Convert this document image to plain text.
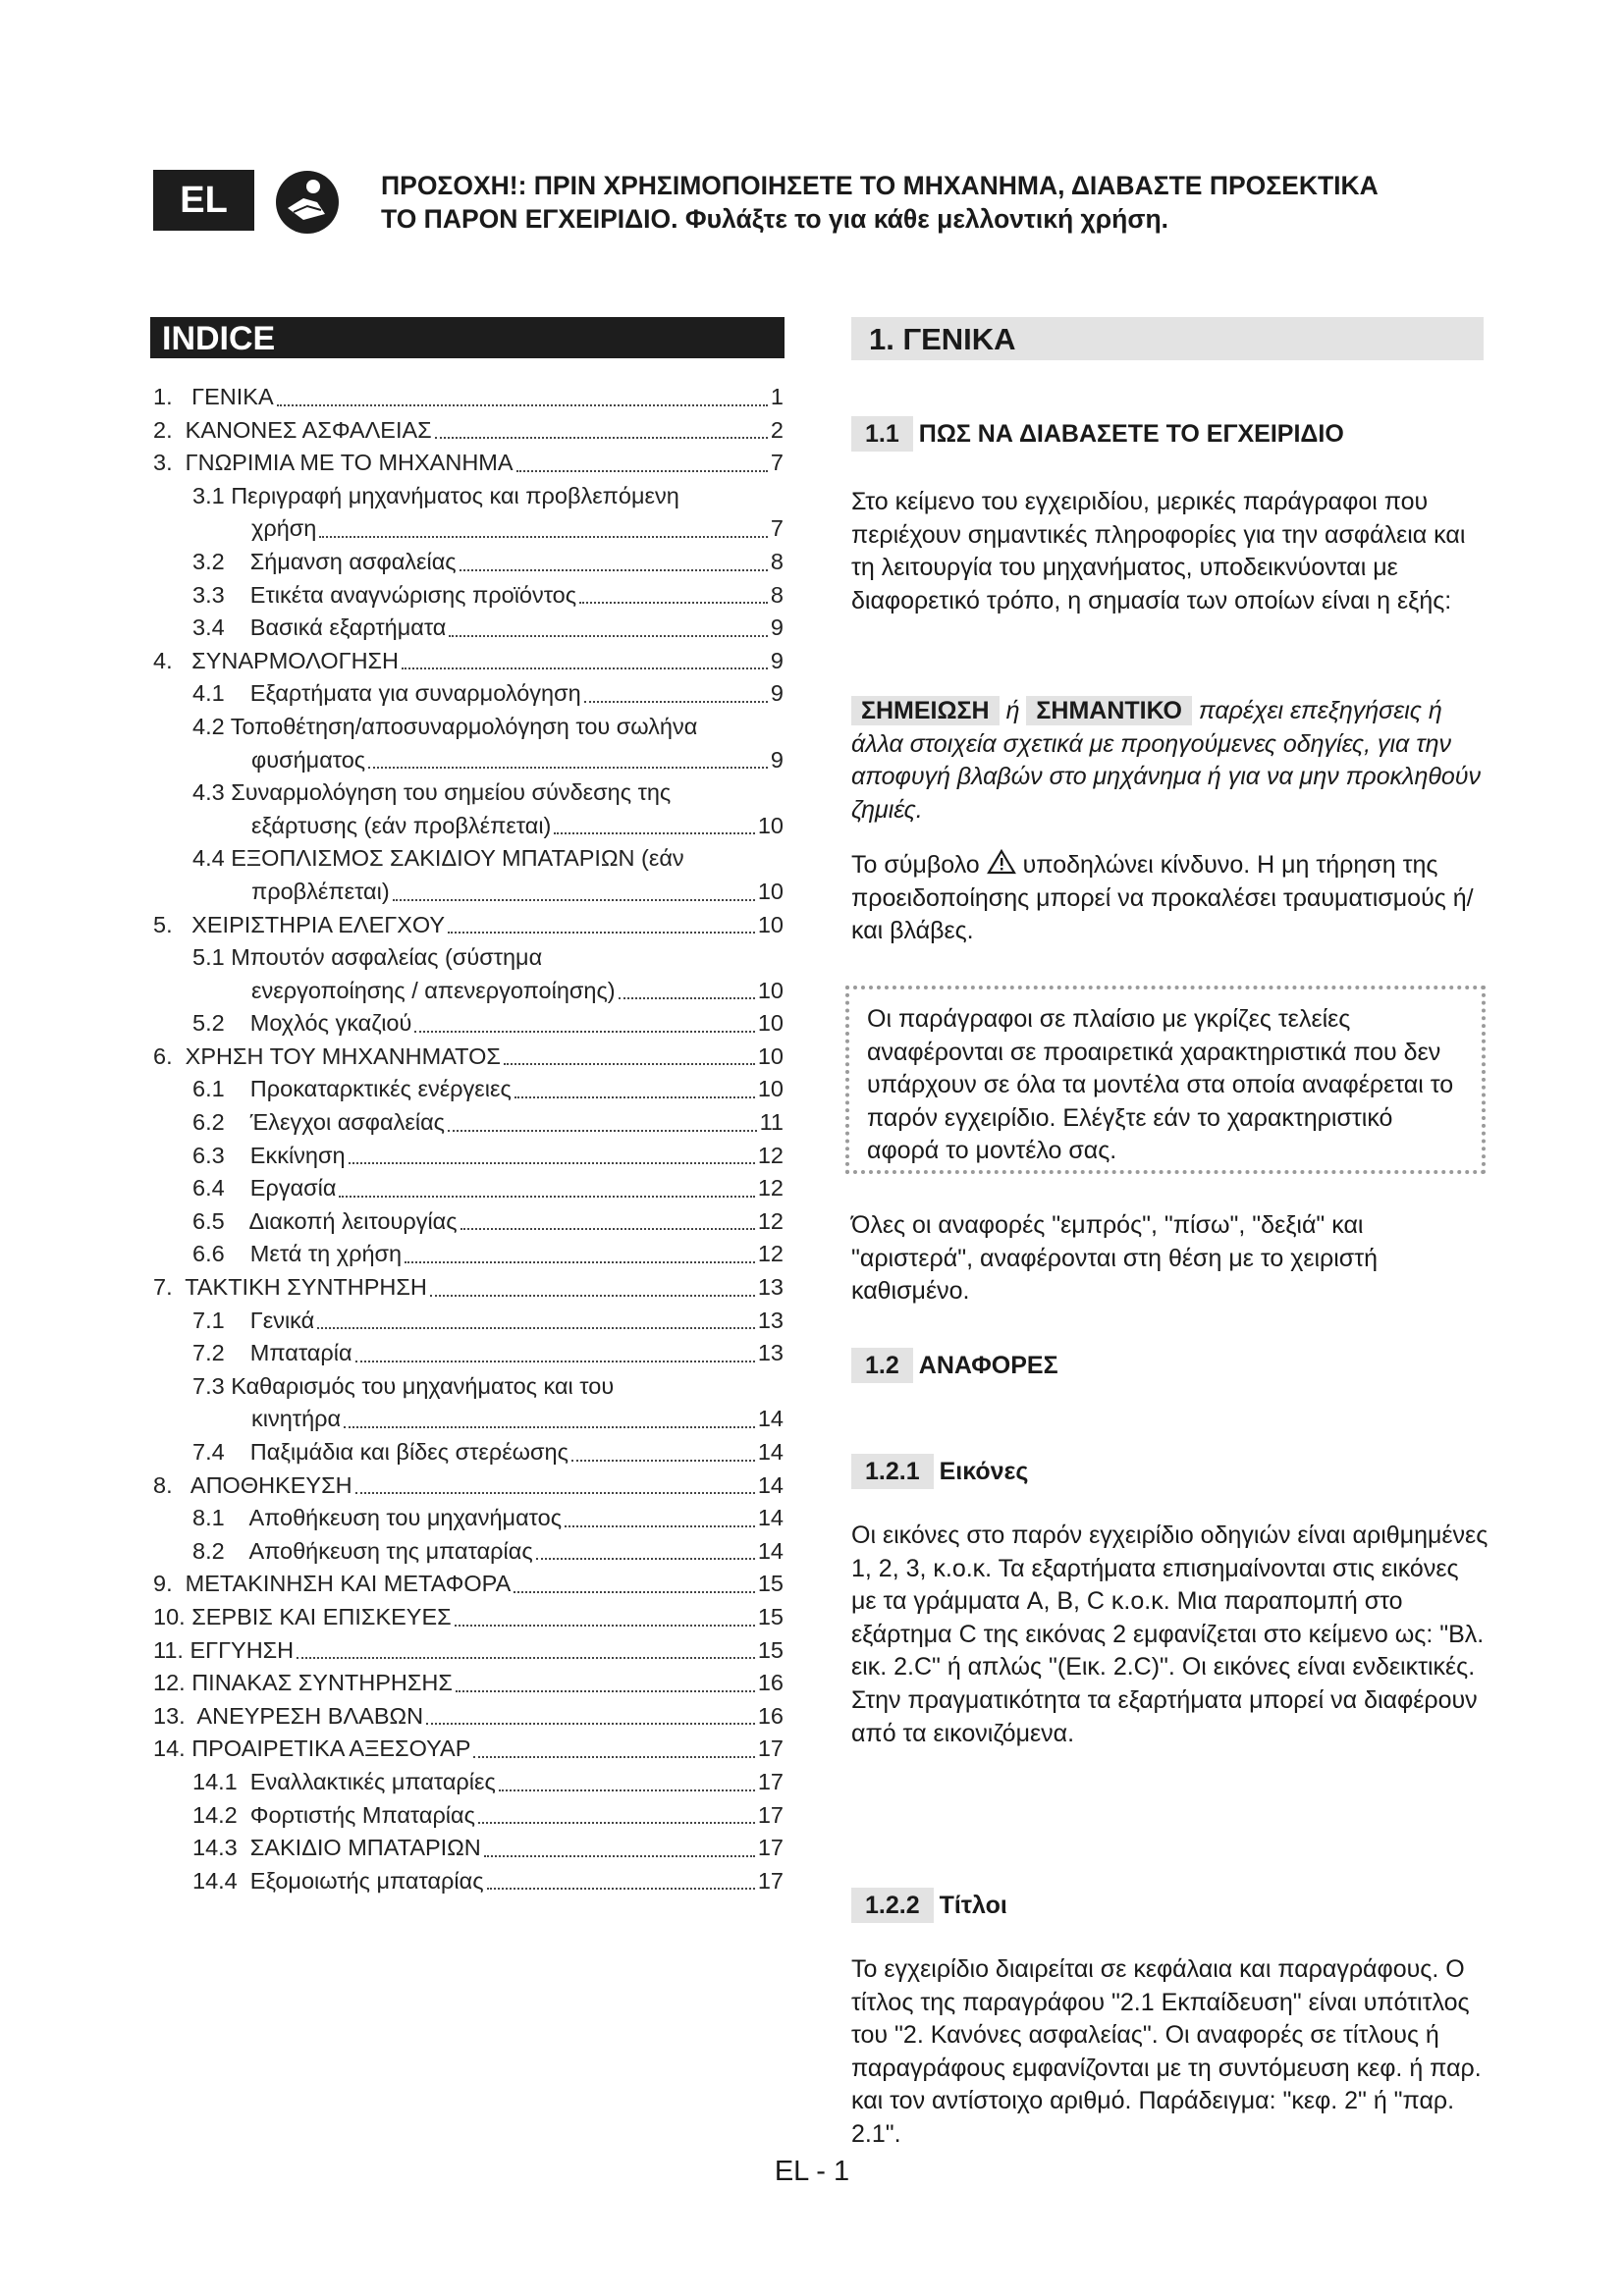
EL	ΠΡΟΣΟΧΗ!: ΠΡΙΝ ΧΡΗΣΙΜΟΠΟΙΗΣΕΤΕ ΤΟ ΜΗΧΑΝΗΜΑ, ΔΙΑΒΑΣΤΕ ΠΡΟΣΕΚΤΙΚΑ
ΤΟ ΠΑΡΟΝ ΕΓΧΕΙΡΙΔΙΟ. Φυλάξτε το για κάθε μελλοντική χρήση.
INDICE
1.   ΓΕΝΙΚΑ	1
2.  ΚΑΝΟΝΕΣ ΑΣΦΑΛΕΙΑΣ	2
3.  ΓΝΩΡΙΜΙΑ ΜΕ ΤΟ ΜΗΧΑΝΗΜΑ	7
3.1 Περιγραφή μηχανήματος και προβλεπόμενη
χρήση	7
3.2    Σήμανση ασφαλείας	8
3.3    Ετικέτα αναγνώρισης προϊόντος	8
3.4    Βασικά εξαρτήματα	9
4.   ΣΥΝΑΡΜΟΛΟΓΗΣΗ	9
4.1    Εξαρτήματα για συναρμολόγηση	9
4.2 Τοποθέτηση/αποσυναρμολόγηση του σωλήνα
φυσήματος	9
4.3 Συναρμολόγηση του σημείου σύνδεσης της
εξάρτυσης (εάν προβλέπεται)	10
4.4 ΕΞΟΠΛΙΣΜΟΣ ΣΑΚΙΔΙΟΥ ΜΠΑΤΑΡΙΩΝ (εάν
προβλέπεται)	10
5.   ΧΕΙΡΙΣΤΗΡΙΑ ΕΛΕΓΧΟΥ	10
5.1 Μπουτόν ασφαλείας (σύστημα
ενεργοποίησης / απενεργοποίησης)	10
5.2    Μοχλός γκαζιού	10
6.  ΧΡΗΣΗ ΤΟΥ ΜΗΧΑΝΗΜΑΤΟΣ	10
6.1    Προκαταρκτικές ενέργειες	10
6.2    Έλεγχοι ασφαλείας	11
6.3    Εκκίνηση	12
6.4    Εργασία	12
6.5    Διακοπή λειτουργίας	12
6.6    Μετά τη χρήση	12
7.  ΤΑΚΤΙΚΗ ΣΥΝΤΗΡΗΣΗ	13
7.1    Γενικά	13
7.2    Μπαταρία	13
7.3 Καθαρισμός του μηχανήματος και του
κινητήρα	14
7.4    Παξιμάδια και βίδες στερέωσης	14
8.   ΑΠΟΘΗΚΕΥΣΗ	14
8.1    Αποθήκευση του μηχανήματος	14
8.2    Αποθήκευση της μπαταρίας	14
9.  ΜΕΤΑΚΙΝΗΣΗ ΚΑΙ ΜΕΤΑΦΟΡΑ	15
10. ΣΕΡΒΙΣ ΚΑΙ ΕΠΙΣΚΕΥΕΣ	15
11. ΕΓΓΥΗΣΗ	15
12. ΠΙΝΑΚΑΣ ΣΥΝΤΗΡΗΣΗΣ	16
13.  ΑΝΕΥΡΕΣΗ ΒΛΑΒΩΝ	16
14. ΠΡΟΑΙΡΕΤΙΚΑ ΑΞΕΣΟΥΑΡ	17
14.1  Εναλλακτικές μπαταρίες	17
14.2  Φορτιστής Μπαταρίας	17
14.3  ΣΑΚΙΔΙΟ ΜΠΑΤΑΡΙΩΝ	17
14.4  Εξομοιωτής μπαταρίας	17
1. ΓΕΝΙΚΑ
1.1 ΠΩΣ ΝΑ ΔΙΑΒΑΣΕΤΕ ΤΟ ΕΓΧΕΙΡΙΔΙΟ
Στο κείμενο του εγχειριδίου, μερικές παράγραφοι που περιέχουν σημαντικές πληροφορίες για την ασφάλεια και τη λειτουργία του μηχανήματος, υποδεικνύονται με διαφορετικό τρόπο, η σημασία των οποίων είναι η εξής:
ΣΗΜΕΙΩΣΗ ή ΣΗΜΑΝΤΙΚΟ παρέχει επεξηγήσεις ή άλλα στοιχεία σχετικά με προηγούμενες οδηγίες, για την αποφυγή βλαβών στο μηχάνημα ή για να μην προκληθούν ζημιές.
Το σύμβολο υποδηλώνει κίνδυνο. Η μη τήρηση της προειδοποίησης μπορεί να προκαλέσει τραυματισμούς ή/και βλάβες.
Οι παράγραφοι σε πλαίσιο με γκρίζες τελείες αναφέρονται σε προαιρετικά χαρακτηριστικά που δεν υπάρχουν σε όλα τα μοντέλα στα οποία αναφέρεται το παρόν εγχειρίδιο. Ελέγξτε εάν το χαρακτηριστικό αφορά το μοντέλο σας.
Όλες οι αναφορές "εμπρός", "πίσω", "δεξιά" και "αριστερά", αναφέρονται στη θέση με το χειριστή καθισμένο.
1.2 ΑΝΑΦΟΡΕΣ
1.2.1 Εικόνες
Οι εικόνες στο παρόν εγχειρίδιο οδηγιών είναι αριθμημένες 1, 2, 3, κ.ο.κ. Τα εξαρτήματα επισημαίνονται στις εικόνες με τα γράμματα A, B, C κ.ο.κ. Μια παραπομπή στο εξάρτημα C της εικόνας 2 εμφανίζεται στο κείμενο ως: "Βλ. εικ. 2.C" ή απλώς "(Εικ. 2.C)". Οι εικόνες είναι ενδεικτικές. Στην πραγματικότητα τα εξαρτήματα μπορεί να διαφέρουν από τα εικονιζόμενα.
1.2.2 Τίτλοι
Το εγχειρίδιο διαιρείται σε κεφάλαια και παραγράφους. Ο τίτλος της παραγράφου "2.1 Εκπαίδευση" είναι υπότιτλος του "2. Κανόνες ασφαλείας". Οι αναφορές σε τίτλους ή παραγράφους εμφανίζονται με τη συντόμευση κεφ. ή παρ. και τον αντίστοιχο αριθμό. Παράδειγμα: "κεφ. 2" ή "παρ. 2.1".
EL - 1
